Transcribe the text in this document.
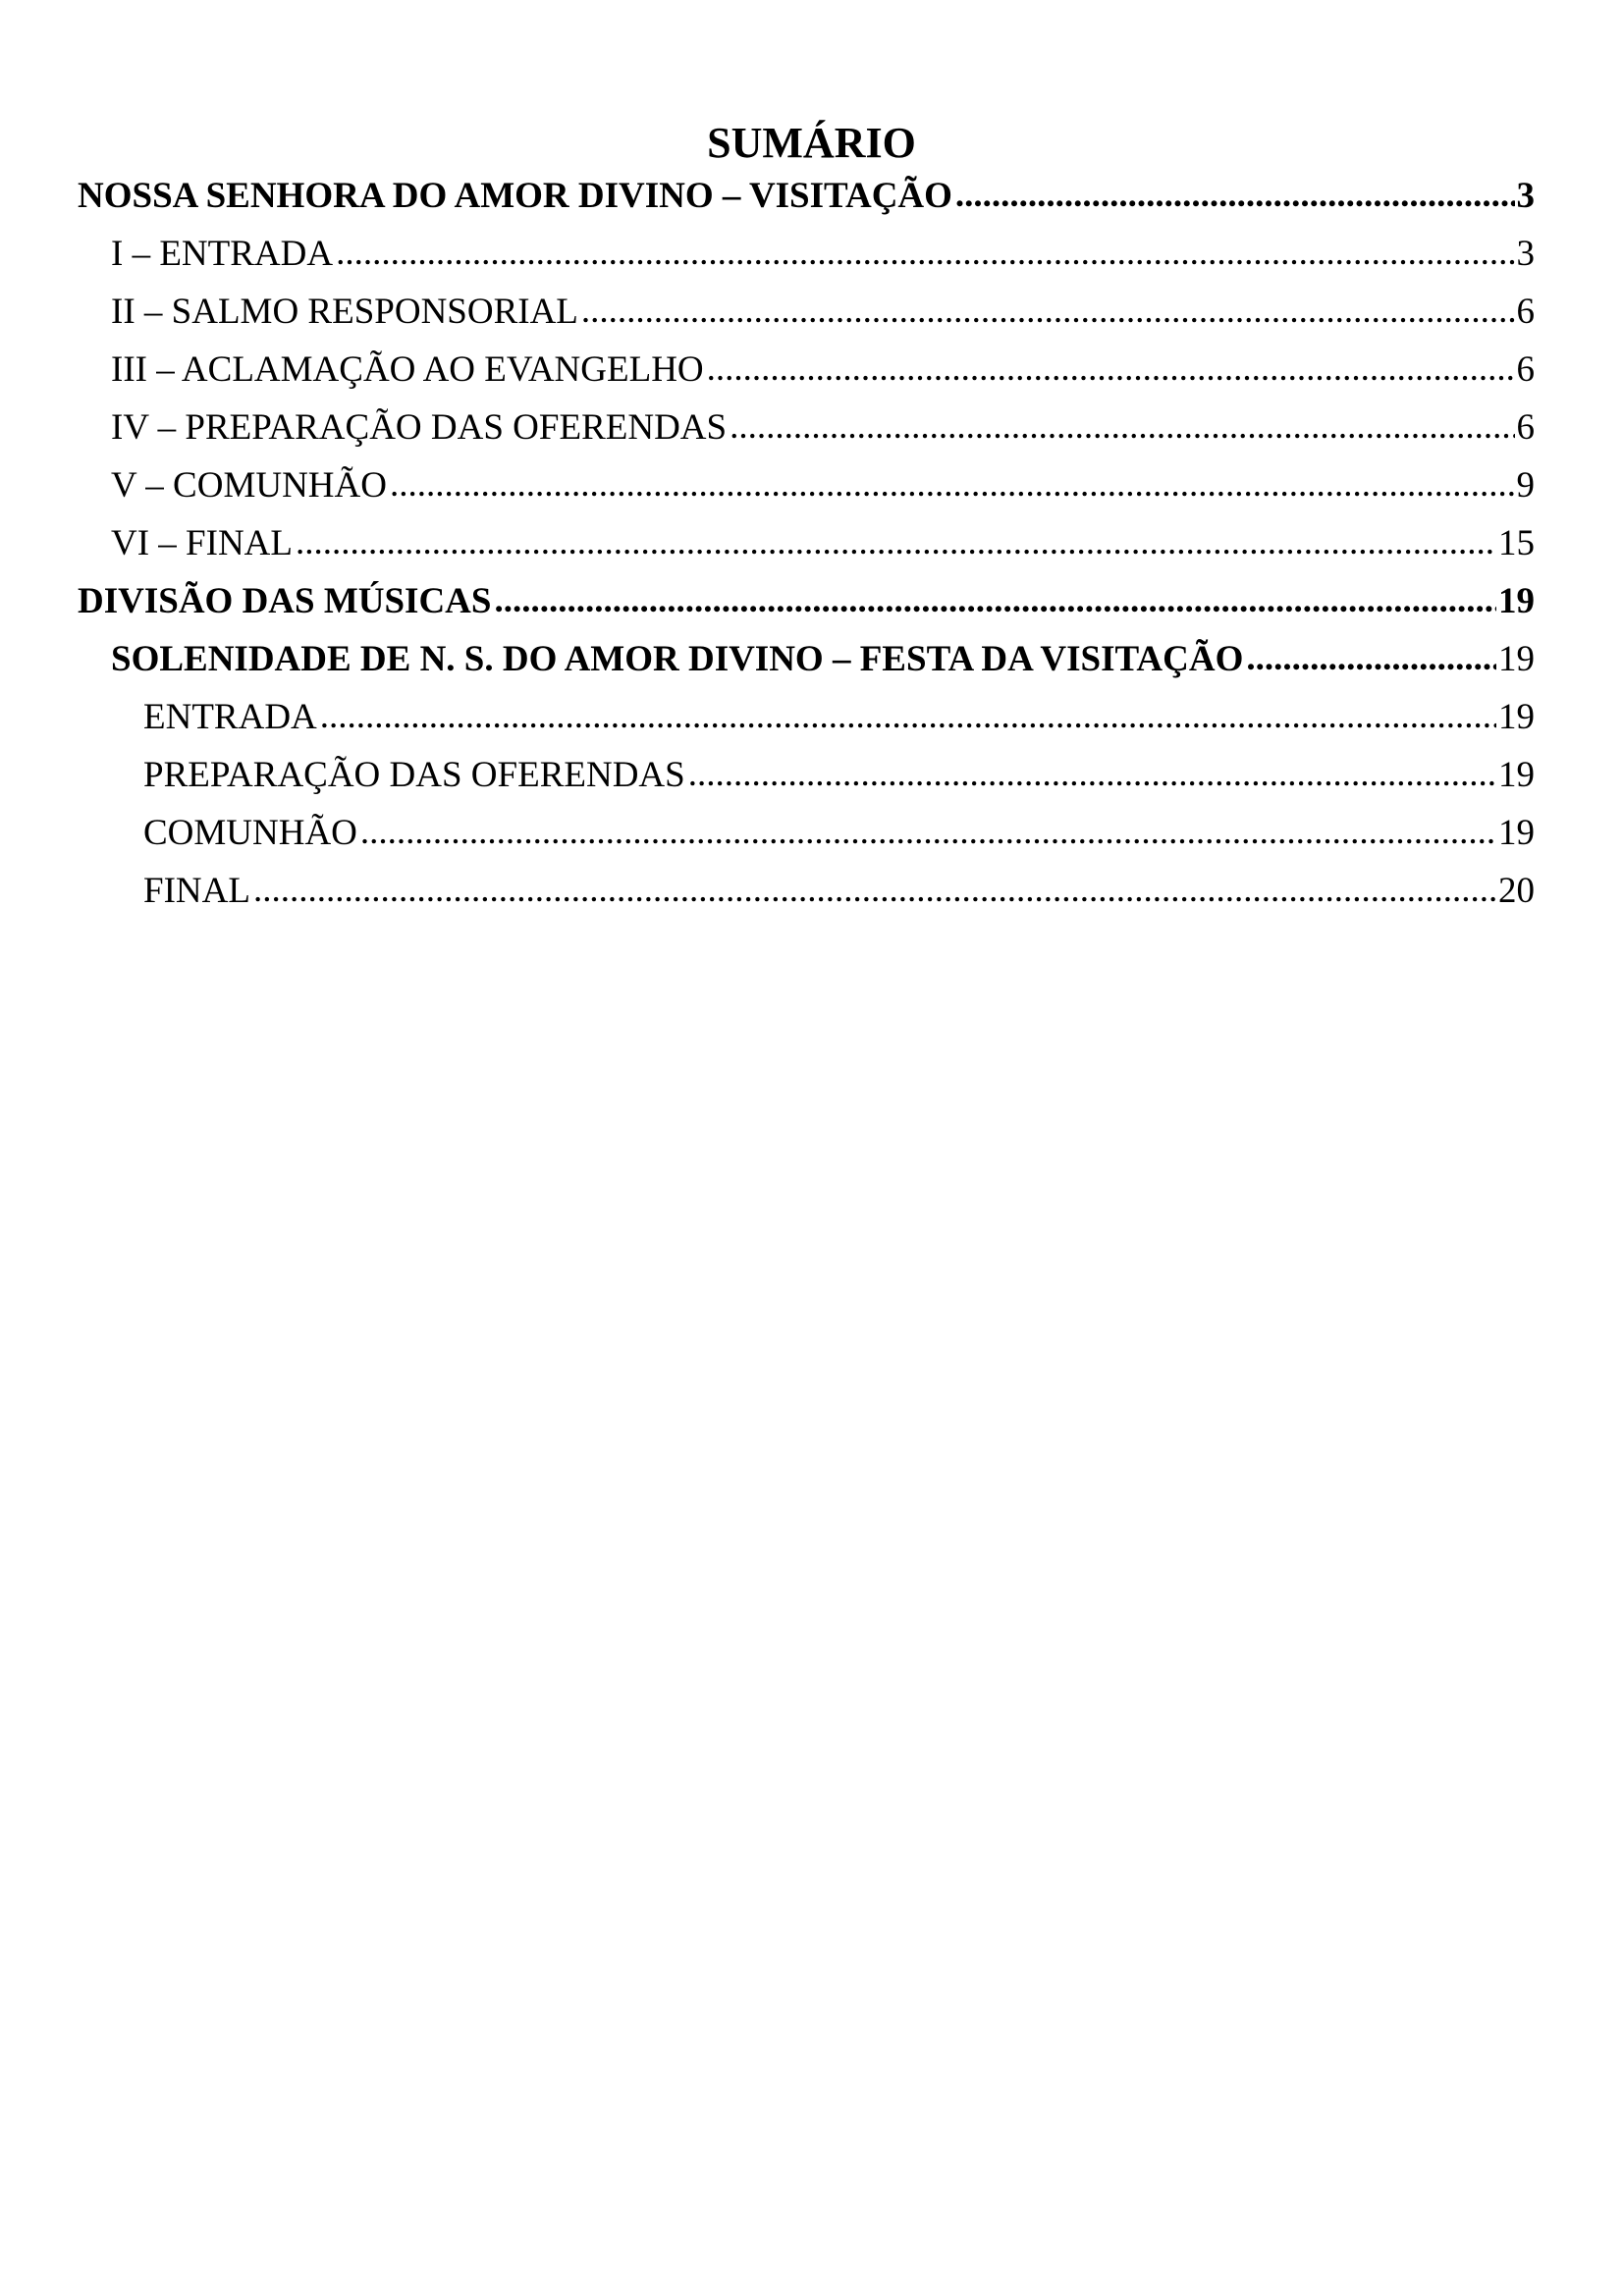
SUMÁRIO
NOSSA SENHORA DO AMOR DIVINO – VISITAÇÃO .....	3
I – ENTRADA .....	3
II – SALMO RESPONSORIAL .....	6
III – ACLAMAÇÃO AO EVANGELHO .....	6
IV – PREPARAÇÃO DAS OFERENDAS .....	6
V – COMUNHÃO .....	9
VI – FINAL .....	15
DIVISÃO DAS MÚSICAS .....	19
SOLENIDADE DE N. S. DO AMOR DIVINO – FESTA DA VISITAÇÃO .....	19
ENTRADA .....	19
PREPARAÇÃO DAS OFERENDAS .....	19
COMUNHÃO .....	19
FINAL .....	20
